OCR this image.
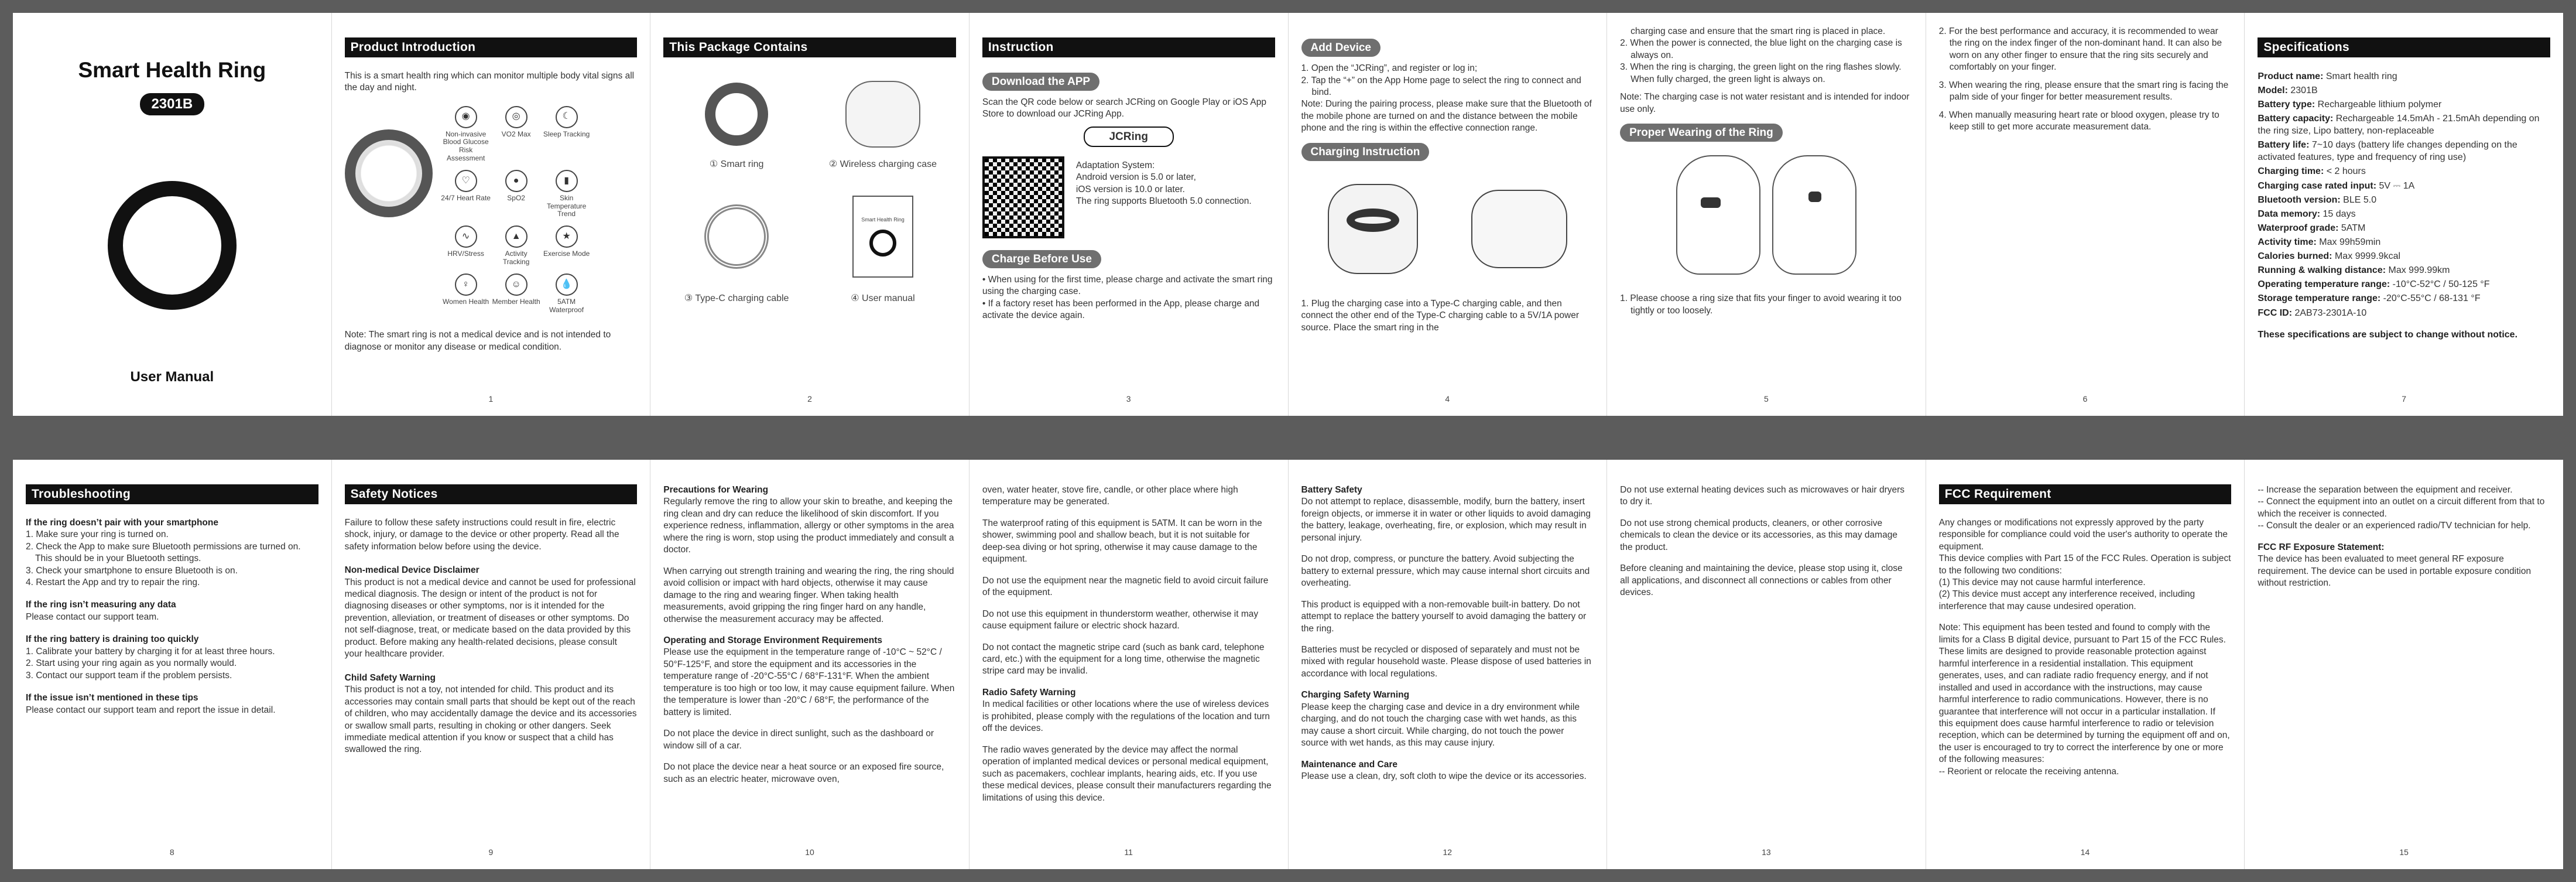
Smart Health Ring
2301B
User Manual
Product Introduction

This is a smart health ring which can monitor multiple body vital signs all the day and night.

◉
Non-invasive Blood Glucose Risk Assessment
◎
VO2 Max
☾
Sleep Tracking
♡
24/7 Heart Rate
●
SpO2
▮
Skin Temperature Trend
∿
HRV/Stress
▲
Activity Tracking
★
Exercise Mode
♀
Women Health
☺
Member Health
💧
5ATM Waterproof

Note: The smart ring is not a medical device and is not intended to diagnose or monitor any disease or medical condition.

1
This Package Contains
① Smart ring	② Wireless charging case
③ Type-C charging cable
Smart Health Ring
④ User manual
2
Instruction
Download the APP

Scan the QR code below or search JCRing on Google Play or iOS App Store to download our JCRing App.

JCRing

Adaptation System:
Android version is 5.0 or later,
iOS version is 10.0 or later.
The ring supports Bluetooth 5.0 connection.

Charge Before Use

• When using for the first time, please charge and activate the smart ring using the charging case.

• If a factory reset has been performed in the App, please charge and activate the device again.

3
Add Device

1. Open the “JCRing”, and register or log in;

2. Tap the “+” on the App Home page to select the ring to connect and bind.

Note: During the pairing process, please make sure that the Bluetooth of the mobile phone are turned on and the distance between the mobile phone and the ring is within the effective connection range.

Charging Instruction

1. Plug the charging case into a Type-C charging cable, and then connect the other end of the Type-C charging cable to a 5V/1A power source. Place the smart ring in the

4

charging case and ensure that the smart ring is placed in place.

2. When the power is connected, the blue light on the charging case is always on.

3. When the ring is charging, the green light on the ring flashes slowly. When fully charged, the green light is always on.

Note: The charging case is not water resistant and is intended for indoor use only.

Proper Wearing of the Ring

1. Please choose a ring size that fits your finger to avoid wearing it too tightly or too loosely.

5

2. For the best performance and accuracy, it is recommended to wear the ring on the index finger of the non-dominant hand. It can also be worn on any other finger to ensure that the ring sits securely and comfortably on your finger.

3. When wearing the ring, please ensure that the smart ring is facing the palm side of your finger for better measurement results.

4. When manually measuring heart rate or blood oxygen, please try to keep still to get more accurate measurement data.

6
Specifications

Product name: Smart health ring

Model: 2301B

Battery type: Rechargeable lithium polymer

Battery capacity: Rechargeable 14.5mAh - 21.5mAh depending on the ring size, Lipo battery, non-replaceable

Battery life: 7~10 days (battery life changes depending on the activated features, type and frequency of ring use)

Charging time: < 2 hours

Charging case rated input: 5V ⎓ 1A

Bluetooth version: BLE 5.0

Data memory: 15 days

Waterproof grade: 5ATM

Activity time: Max 99h59min

Calories burned: Max 9999.9kcal

Running & walking distance: Max 999.99km

Operating temperature range: -10°C-52°C / 50-125 °F

Storage temperature range: -20°C-55°C / 68-131 °F

FCC ID: 2AB73-2301A-10

These specifications are subject to change without notice.

7
Troubleshooting

If the ring doesn’t pair with your smartphone

1. Make sure your ring is turned on.

2. Check the App to make sure Bluetooth permissions are turned on. This should be in your Bluetooth settings.

3. Check your smartphone to ensure Bluetooth is on.

4. Restart the App and try to repair the ring.

If the ring isn’t measuring any data

Please contact our support team.

If the ring battery is draining too quickly

1. Calibrate your battery by charging it for at least three hours.

2. Start using your ring again as you normally would.

3. Contact our support team if the problem persists.

If the issue isn’t mentioned in these tips

Please contact our support team and report the issue in detail.

8
Safety Notices

Failure to follow these safety instructions could result in fire, electric shock, injury, or damage to the device or other property. Read all the safety information below before using the device.

Non-medical Device Disclaimer

This product is not a medical device and cannot be used for professional medical diagnosis. The design or intent of the product is not for diagnosing diseases or other symptoms, nor is it intended for the prevention, alleviation, or treatment of diseases or other symptoms. Do not self-diagnose, treat, or medicate based on the data provided by this product. Before making any health-related decisions, please consult your healthcare provider.

Child Safety Warning

This product is not a toy, not intended for child. This product and its accessories may contain small parts that should be kept out of the reach of children, who may accidentally damage the device and its accessories or swallow small parts, resulting in choking or other dangers. Seek immediate medical attention if you know or suspect that a child has swallowed the ring.

9

Precautions for Wearing

Regularly remove the ring to allow your skin to breathe, and keeping the ring clean and dry can reduce the likelihood of skin discomfort. If you experience redness, inflammation, allergy or other symptoms in the area where the ring is worn, stop using the product immediately and consult a doctor.

When carrying out strength training and wearing the ring, the ring should avoid collision or impact with hard objects, otherwise it may cause damage to the ring and wearing finger. When taking health measurements, avoid gripping the ring finger hard on any handle, otherwise the measurement accuracy may be affected.

Operating and Storage Environment Requirements

Please use the equipment in the temperature range of -10°C ~ 52°C / 50°F-125°F, and store the equipment and its accessories in the temperature range of -20°C-55°C / 68°F-131°F. When the ambient temperature is too high or too low, it may cause equipment failure. When the temperature is lower than -20°C / 68°F, the performance of the battery is limited.

Do not place the device in direct sunlight, such as the dashboard or window sill of a car.

Do not place the device near a heat source or an exposed fire source, such as an electric heater, microwave oven,

10

oven, water heater, stove fire, candle, or other place where high temperature may be generated.

The waterproof rating of this equipment is 5ATM. It can be worn in the shower, swimming pool and shallow beach, but it is not suitable for deep-sea diving or hot spring, otherwise it may cause damage to the equipment.

Do not use the equipment near the magnetic field to avoid circuit failure of the equipment.

Do not use this equipment in thunderstorm weather, otherwise it may cause equipment failure or electric shock hazard.

Do not contact the magnetic stripe card (such as bank card, telephone card, etc.) with the equipment for a long time, otherwise the magnetic stripe card may be invalid.

Radio Safety Warning

In medical facilities or other locations where the use of wireless devices is prohibited, please comply with the regulations of the location and turn off the devices.

The radio waves generated by the device may affect the normal operation of implanted medical devices or personal medical equipment, such as pacemakers, cochlear implants, hearing aids, etc. If you use these medical devices, please consult their manufacturers regarding the limitations of using this device.

11

Battery Safety

Do not attempt to replace, disassemble, modify, burn the battery, insert foreign objects, or immerse it in water or other liquids to avoid damaging the battery, leakage, overheating, fire, or explosion, which may result in personal injury.

Do not drop, compress, or puncture the battery. Avoid subjecting the battery to external pressure, which may cause internal short circuits and overheating.

This product is equipped with a non-removable built-in battery. Do not attempt to replace the battery yourself to avoid damaging the battery or the ring.

Batteries must be recycled or disposed of separately and must not be mixed with regular household waste. Please dispose of used batteries in accordance with local regulations.

Charging Safety Warning

Please keep the charging case and device in a dry environment while charging, and do not touch the charging case with wet hands, as this may cause a short circuit. While charging, do not touch the power source with wet hands, as this may cause injury.

Maintenance and Care

Please use a clean, dry, soft cloth to wipe the device or its accessories.

12

Do not use external heating devices such as microwaves or hair dryers to dry it.

Do not use strong chemical products, cleaners, or other corrosive chemicals to clean the device or its accessories, as this may damage the product.

Before cleaning and maintaining the device, please stop using it, close all applications, and disconnect all connections or cables from other devices.

13
FCC Requirement

Any changes or modifications not expressly approved by the party responsible for compliance could void the user's authority to operate the equipment.

This device complies with Part 15 of the FCC Rules. Operation is subject to the following two conditions:

(1) This device may not cause harmful interference.

(2) This device must accept any interference received, including interference that may cause undesired operation.

Note: This equipment has been tested and found to comply with the limits for a Class B digital device, pursuant to Part 15 of the FCC Rules. These limits are designed to provide reasonable protection against harmful interference in a residential installation. This equipment generates, uses, and can radiate radio frequency energy, and if not installed and used in accordance with the instructions, may cause harmful interference to radio communications. However, there is no guarantee that interference will not occur in a particular installation. If this equipment does cause harmful interference to radio or television reception, which can be determined by turning the equipment off and on, the user is encouraged to try to correct the interference by one or more of the following measures:

-- Reorient or relocate the receiving antenna.

14

-- Increase the separation between the equipment and receiver.

-- Connect the equipment into an outlet on a circuit different from that to which the receiver is connected.

-- Consult the dealer or an experienced radio/TV technician for help.

FCC RF Exposure Statement:

The device has been evaluated to meet general RF exposure requirement. The device can be used in portable exposure condition without restriction.

15
